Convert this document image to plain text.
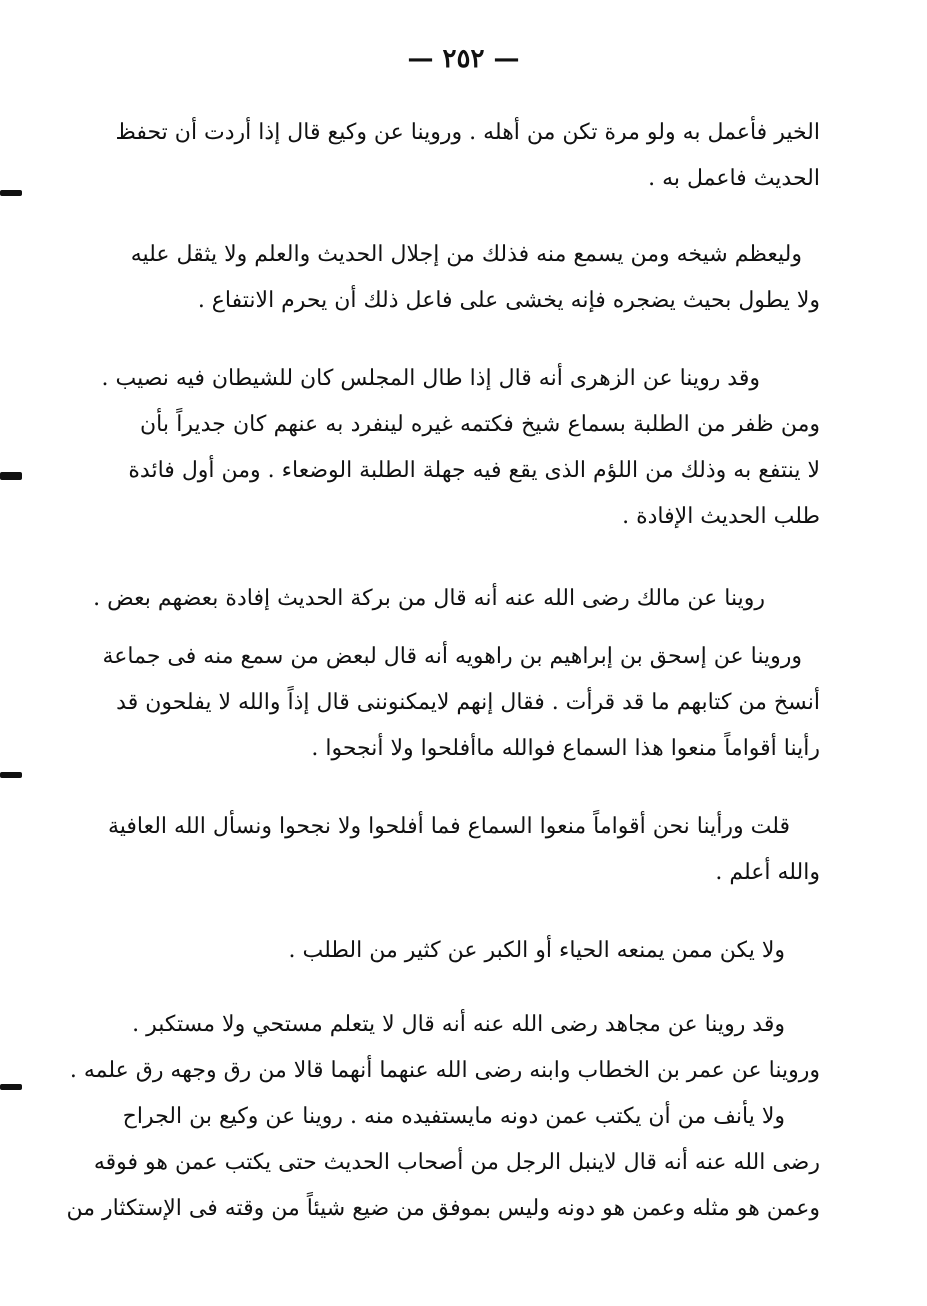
— ٢٥٢ —
الخير فأعمل به ولو مرة تكن من أهله . وروينا عن وكيع قال إذا أردت أن تحفظ
الحديث فاعمل به .
وليعظم شيخه ومن يسمع منه فذلك من إجلال الحديث والعلم ولا يثقل عليه
ولا يطول بحيث يضجره فإنه يخشى على فاعل ذلك أن يحرم الانتفاع .
وقد روينا عن الزهرى أنه قال إذا طال المجلس كان للشيطان فيه نصيب .
ومن ظفر من الطلبة بسماع شيخ فكتمه غيره لينفرد به عنهم كان جديراً بأن
لا ينتفع به وذلك من اللؤم الذى يقع فيه جهلة الطلبة الوضعاء . ومن أول فائدة
طلب الحديث الإفادة .
روينا عن مالك رضى الله عنه أنه قال من بركة الحديث إفادة بعضهم بعض .
وروينا عن إسحق بن إبراهيم بن راهويه أنه قال لبعض من سمع منه فى جماعة
أنسخ من كتابهم ما قد قرأت . فقال إنهم لايمكنوننى قال إذاً والله لا يفلحون قد
رأينا أقواماً منعوا هذا السماع فوالله ماأفلحوا ولا أنجحوا .
قلت ورأينا نحن أقواماً منعوا السماع فما أفلحوا ولا نجحوا ونسأل الله العافية
والله أعلم .
ولا يكن ممن يمنعه الحياء أو الكبر عن كثير من الطلب .
وقد روينا عن مجاهد رضى الله عنه أنه قال لا يتعلم مستحي ولا مستكبر .
وروينا عن عمر بن الخطاب وابنه رضى الله عنهما أنهما قالا من رق وجهه رق علمه .
ولا يأنف من أن يكتب عمن دونه مايستفيده منه . روينا عن وكيع بن الجراح
رضى الله عنه أنه قال لاينبل الرجل من أصحاب الحديث حتى يكتب عمن هو فوقه
وعمن هو مثله وعمن هو دونه وليس بموفق من ضيع شيئاً من وقته فى الإستكثار من
